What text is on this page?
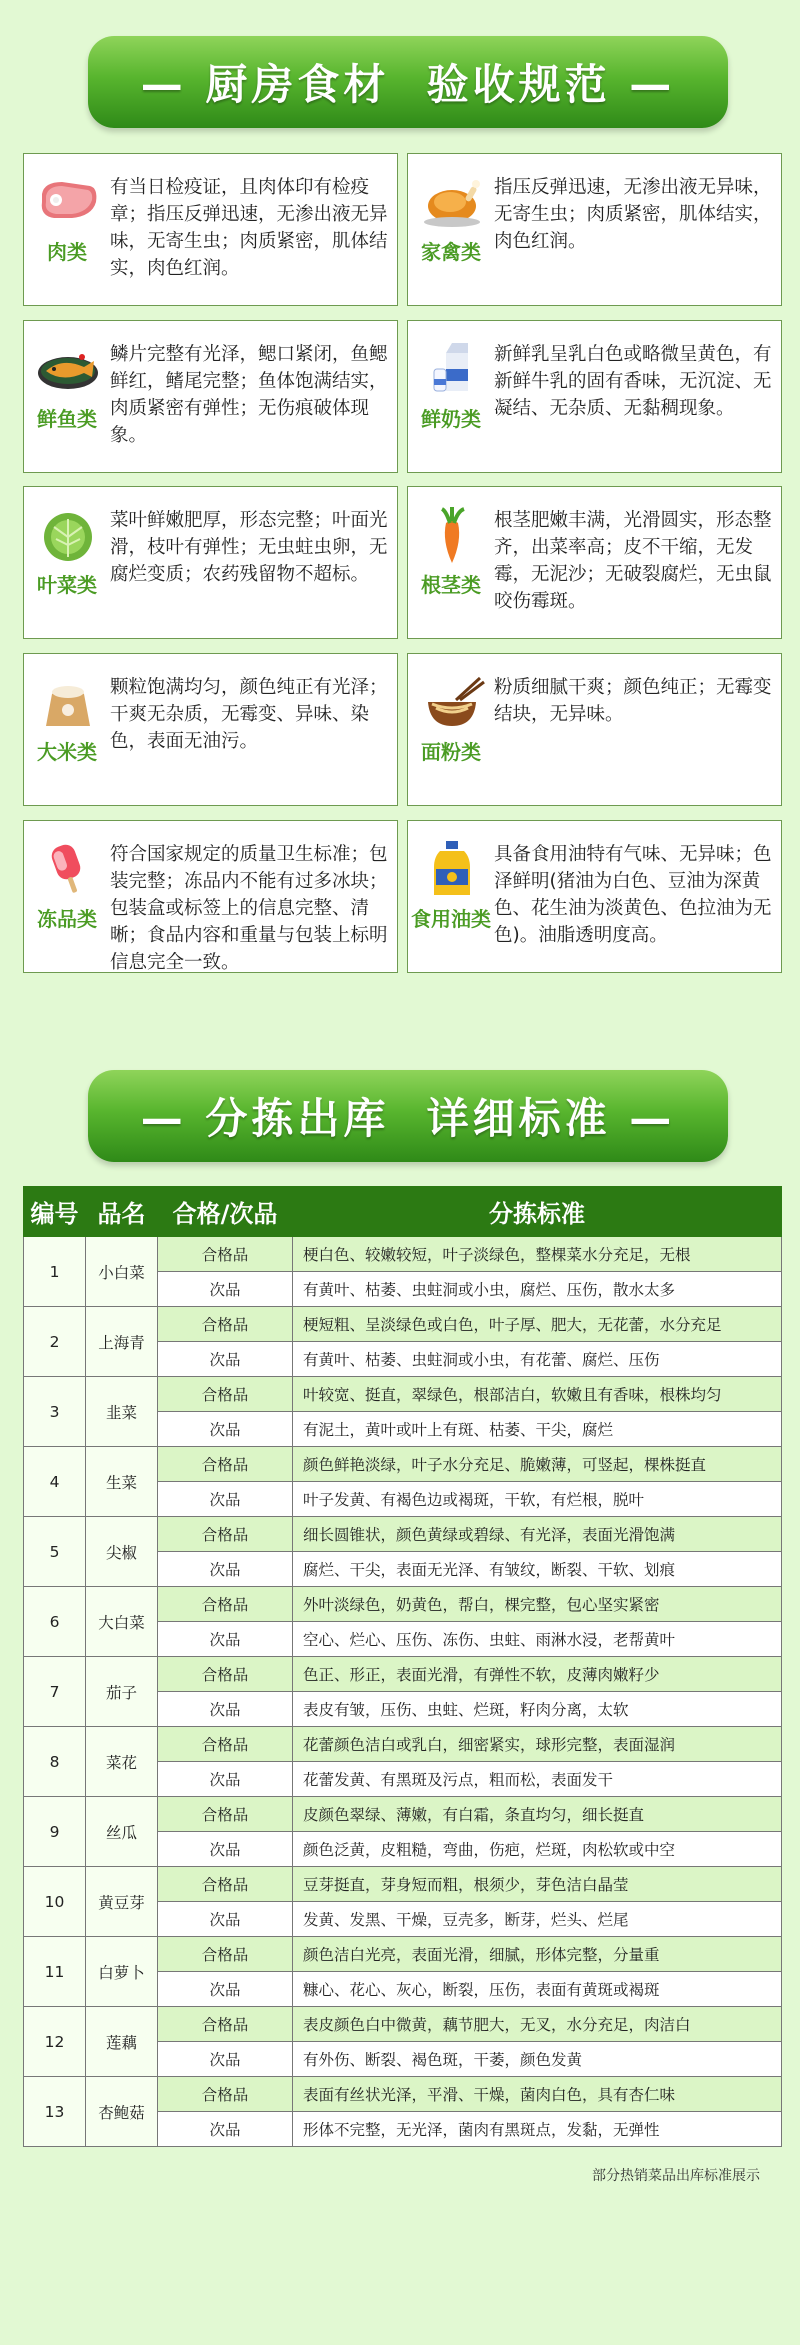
— 厨房食材  验收规范 —
肉类
有当日检疫证，且肉体印有检疫章；指压反弹迅速，无渗出液无异味，无寄生虫；肉质紧密，肌体结实，肉色红润。
家禽类
指压反弹迅速，无渗出液无异味，无寄生虫；肉质紧密，肌体结实，肉色红润。
鲜鱼类
鳞片完整有光泽，鳃口紧闭，鱼鳃鲜红，鳍尾完整；鱼体饱满结实，肉质紧密有弹性；无伤痕破体现象。
鲜奶类
新鲜乳呈乳白色或略微呈黄色，有新鲜牛乳的固有香味，无沉淀、无凝结、无杂质、无黏稠现象。
叶菜类
菜叶鲜嫩肥厚，形态完整；叶面光滑，枝叶有弹性；无虫蛀虫卵，无腐烂变质；农药残留物不超标。	根茎类
根茎肥嫩丰满，光滑圆实，形态整齐，出菜率高；皮不干缩，无发霉，无泥沙；无破裂腐烂，无虫鼠咬伤霉斑。
大米类
颗粒饱满均匀，颜色纯正有光泽；干爽无杂质，无霉变、异味、染色，表面无油污。	面粉类
粉质细腻干爽；颜色纯正；无霉变结块，无异味。
冻品类
符合国家规定的质量卫生标准；包装完整；冻品内不能有过多冰块；包装盒或标签上的信息完整、清晰；食品内容和重量与包装上标明信息完全一致。
食用油类
具备食用油特有气味、无异味；色泽鲜明(猪油为白色、豆油为深黄色、花生油为淡黄色、色拉油为无色)。油脂透明度高。
— 分拣出库  详细标准 —
编号	品名	合格/次品	分拣标准
1	小白菜	合格品	梗白色、较嫩较短，叶子淡绿色，整棵菜水分充足，无根
		次品	有黄叶、枯萎、虫蛀洞或小虫，腐烂、压伤，散水太多
2	上海青	合格品	梗短粗、呈淡绿色或白色，叶子厚、肥大，无花蕾，水分充足
		次品	有黄叶、枯萎、虫蛀洞或小虫，有花蕾、腐烂、压伤
3	韭菜	合格品	叶较宽、挺直，翠绿色，根部洁白，软嫩且有香味，根株均匀
		次品	有泥土，黄叶或叶上有斑、枯萎、干尖，腐烂
4	生菜	合格品	颜色鲜艳淡绿，叶子水分充足、脆嫩薄，可竖起，棵株挺直
		次品	叶子发黄、有褐色边或褐斑，干软，有烂根，脱叶
5	尖椒	合格品	细长圆锥状，颜色黄绿或碧绿、有光泽，表面光滑饱满
		次品	腐烂、干尖，表面无光泽、有皱纹，断裂、干软、划痕
6	大白菜	合格品	外叶淡绿色，奶黄色，帮白，棵完整，包心坚实紧密
		次品	空心、烂心、压伤、冻伤、虫蛀、雨淋水浸，老帮黄叶
7	茄子	合格品	色正、形正，表面光滑，有弹性不软，皮薄肉嫩籽少
		次品	表皮有皱，压伤、虫蛀、烂斑，籽肉分离，太软
8	菜花	合格品	花蕾颜色洁白或乳白，细密紧实，球形完整，表面湿润
		次品	花蕾发黄、有黑斑及污点，粗而松，表面发干
9	丝瓜	合格品	皮颜色翠绿、薄嫩，有白霜，条直均匀，细长挺直
		次品	颜色泛黄，皮粗糙，弯曲，伤疤，烂斑，肉松软或中空
10	黄豆芽	合格品	豆芽挺直，芽身短而粗，根须少，芽色洁白晶莹
		次品	发黄、发黑、干燥，豆壳多，断芽，烂头、烂尾
11	白萝卜	合格品	颜色洁白光亮，表面光滑，细腻，形体完整，分量重
		次品	糠心、花心、灰心，断裂，压伤，表面有黄斑或褐斑
12	莲藕	合格品	表皮颜色白中微黄，藕节肥大，无叉，水分充足，肉洁白
		次品	有外伤、断裂、褐色斑，干萎，颜色发黄
13	杏鲍菇	合格品	表面有丝状光泽，平滑、干燥，菌肉白色，具有杏仁味
		次品	形体不完整，无光泽，菌肉有黑斑点，发黏，无弹性
部分热销菜品出库标准展示
